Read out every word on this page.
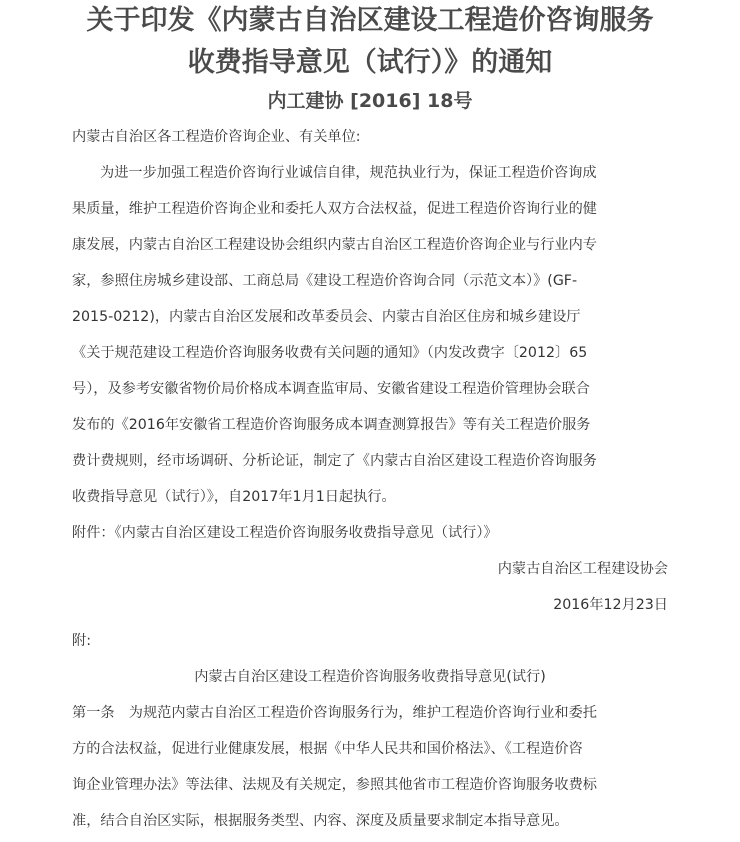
关于印发《内蒙古自治区建设工程造价咨询服务
收费指导意见（试行）》的通知
内工建协 [2016] 18号
内蒙古自治区各工程造价咨询企业、有关单位:
为进一步加强工程造价咨询行业诚信自律，规范执业行为，保证工程造价咨询成
果质量，维护工程造价咨询企业和委托人双方合法权益，促进工程造价咨询行业的健
康发展，内蒙古自治区工程建设协会组织内蒙古自治区工程造价咨询企业与行业内专
家，参照住房城乡建设部、工商总局《建设工程造价咨询合同（示范文本）》(GF-
2015-0212)，内蒙古自治区发展和改革委员会、内蒙古自治区住房和城乡建设厅
《关于规范建设工程造价咨询服务收费有关问题的通知》（内发改费字〔2012〕65
号），及参考安徽省物价局价格成本调查监审局、安徽省建设工程造价管理协会联合
发布的《2016年安徽省工程造价咨询服务成本调查测算报告》等有关工程造价服务
费计费规则，经市场调研、分析论证，制定了《内蒙古自治区建设工程造价咨询服务
收费指导意见（试行）》，自2017年1月1日起执行。
附件：《内蒙古自治区建设工程造价咨询服务收费指导意见（试行）》
内蒙古自治区工程建设协会
2016年12月23日
附:
内蒙古自治区建设工程造价咨询服务收费指导意见(试行)
第一条　为规范内蒙古自治区工程造价咨询服务行为，维护工程造价咨询行业和委托
方的合法权益，促进行业健康发展，根据《中华人民共和国价格法》、《工程造价咨
询企业管理办法》等法律、法规及有关规定，参照其他省市工程造价咨询服务收费标
准，结合自治区实际，根据服务类型、内容、深度及质量要求制定本指导意见。
